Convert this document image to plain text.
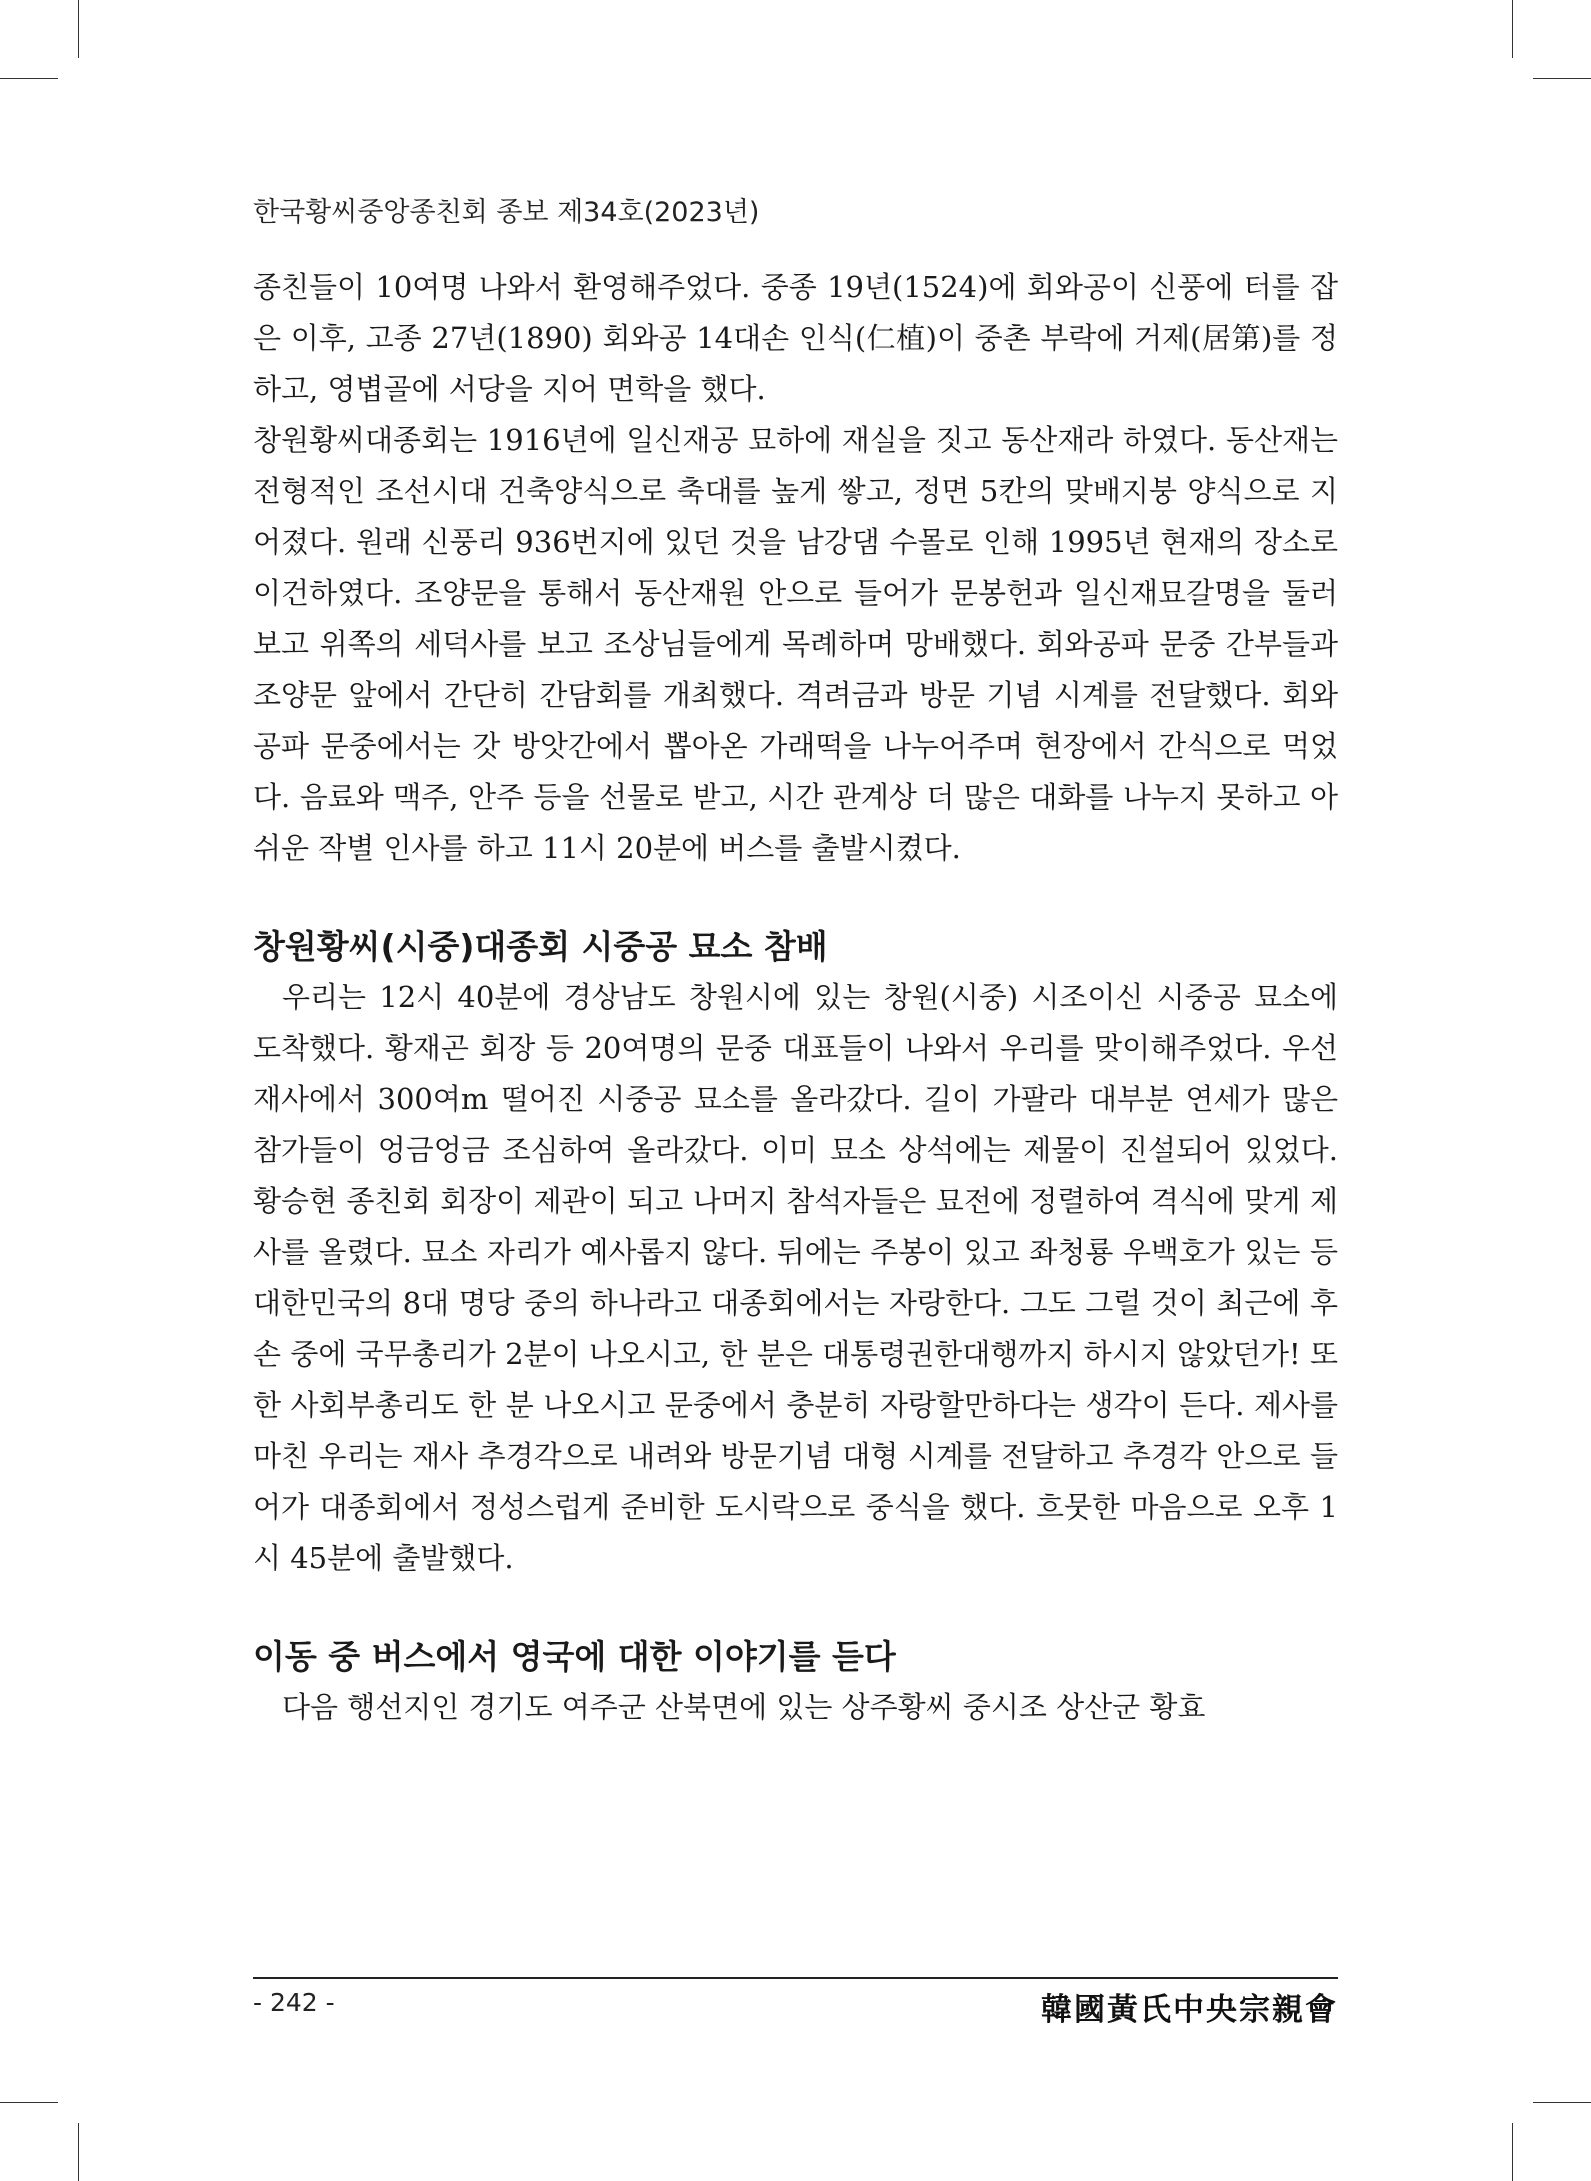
한국황씨중앙종친회 종보 제34호(2023년)

종친들이 10여명 나와서 환영해주었다. 중종 19년(1524)에 회와공이 신풍에 터를 잡은 이후, 고종 27년(1890) 회와공 14대손 인식(仁植)이 중촌 부락에 거제(居第)를 정하고, 영볍골에 서당을 지어 면학을 했다.

창원황씨대종회는 1916년에 일신재공 묘하에 재실을 짓고 동산재라 하였다. 동산재는 전형적인 조선시대 건축양식으로 축대를 높게 쌓고, 정면 5칸의 맞배지붕 양식으로 지어졌다. 원래 신풍리 936번지에 있던 것을 남강댐 수몰로 인해 1995년 현재의 장소로 이건하였다. 조양문을 통해서 동산재원 안으로 들어가 문봉헌과 일신재묘갈명을 둘러보고 위쪽의 세덕사를 보고 조상님들에게 목례하며 망배했다. 회와공파 문중 간부들과 조양문 앞에서 간단히 간담회를 개최했다. 격려금과 방문 기념 시계를 전달했다. 회와공파 문중에서는 갓 방앗간에서 뽑아온 가래떡을 나누어주며 현장에서 간식으로 먹었다. 음료와 맥주, 안주 등을 선물로 받고, 시간 관계상 더 많은 대화를 나누지 못하고 아쉬운 작별 인사를 하고 11시 20분에 버스를 출발시켰다.

창원황씨(시중)대종회 시중공 묘소 참배

우리는 12시 40분에 경상남도 창원시에 있는 창원(시중) 시조이신 시중공 묘소에 도착했다. 황재곤 회장 등 20여명의 문중 대표들이 나와서 우리를 맞이해주었다. 우선 재사에서 300여m 떨어진 시중공 묘소를 올라갔다. 길이 가팔라 대부분 연세가 많은 참가들이 엉금엉금 조심하여 올라갔다. 이미 묘소 상석에는 제물이 진설되어 있었다. 황승현 종친회 회장이 제관이 되고 나머지 참석자들은 묘전에 정렬하여 격식에 맞게 제사를 올렸다. 묘소 자리가 예사롭지 않다. 뒤에는 주봉이 있고 좌청룡 우백호가 있는 등 대한민국의 8대 명당 중의 하나라고 대종회에서는 자랑한다. 그도 그럴 것이 최근에 후손 중에 국무총리가 2분이 나오시고, 한 분은 대통령권한대행까지 하시지 않았던가! 또한 사회부총리도 한 분 나오시고 문중에서 충분히 자랑할만하다는 생각이 든다. 제사를 마친 우리는 재사 추경각으로 내려와 방문기념 대형 시계를 전달하고 추경각 안으로 들어가 대종회에서 정성스럽게 준비한 도시락으로 중식을 했다. 흐뭇한 마음으로 오후 1시 45분에 출발했다.

이동 중 버스에서 영국에 대한 이야기를 듣다

다음 행선지인 경기도 여주군 산북면에 있는 상주황씨 중시조 상산군 황효

- 242 -	韓國黃氏中央宗親會
